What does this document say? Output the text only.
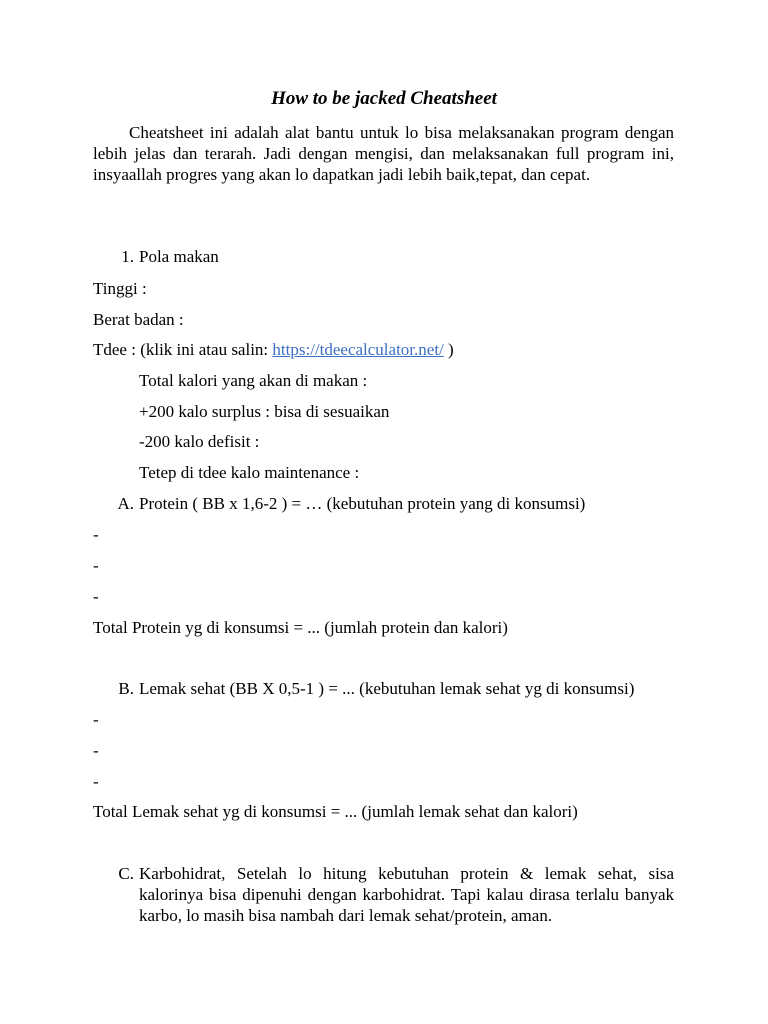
How to be jacked Cheatsheet
Cheatsheet ini adalah alat bantu untuk lo bisa melaksanakan program dengan lebih jelas dan terarah. Jadi dengan mengisi, dan melaksanakan full program ini, insyaallah progres yang akan lo dapatkan jadi lebih baik,tepat, dan cepat.
1. Pola makan
Tinggi :
Berat badan :
Tdee : (klik ini atau salin: https://tdeecalculator.net/ )
Total kalori yang akan di makan :
+200 kalo surplus : bisa di sesuaikan
-200 kalo defisit :
Tetep di tdee kalo maintenance :
A. Protein ( BB x 1,6-2 ) = … (kebutuhan protein yang di konsumsi)
-
-
-
Total Protein yg di konsumsi = ... (jumlah protein dan kalori)
B. Lemak sehat (BB X 0,5-1 ) = ... (kebutuhan lemak sehat yg di konsumsi)
-
-
-
Total Lemak sehat yg di konsumsi = ... (jumlah lemak sehat dan kalori)
C. Karbohidrat, Setelah lo hitung kebutuhan protein & lemak sehat, sisa kalorinya bisa dipenuhi dengan karbohidrat. Tapi kalau dirasa terlalu banyak karbo, lo masih bisa nambah dari lemak sehat/protein, aman.
